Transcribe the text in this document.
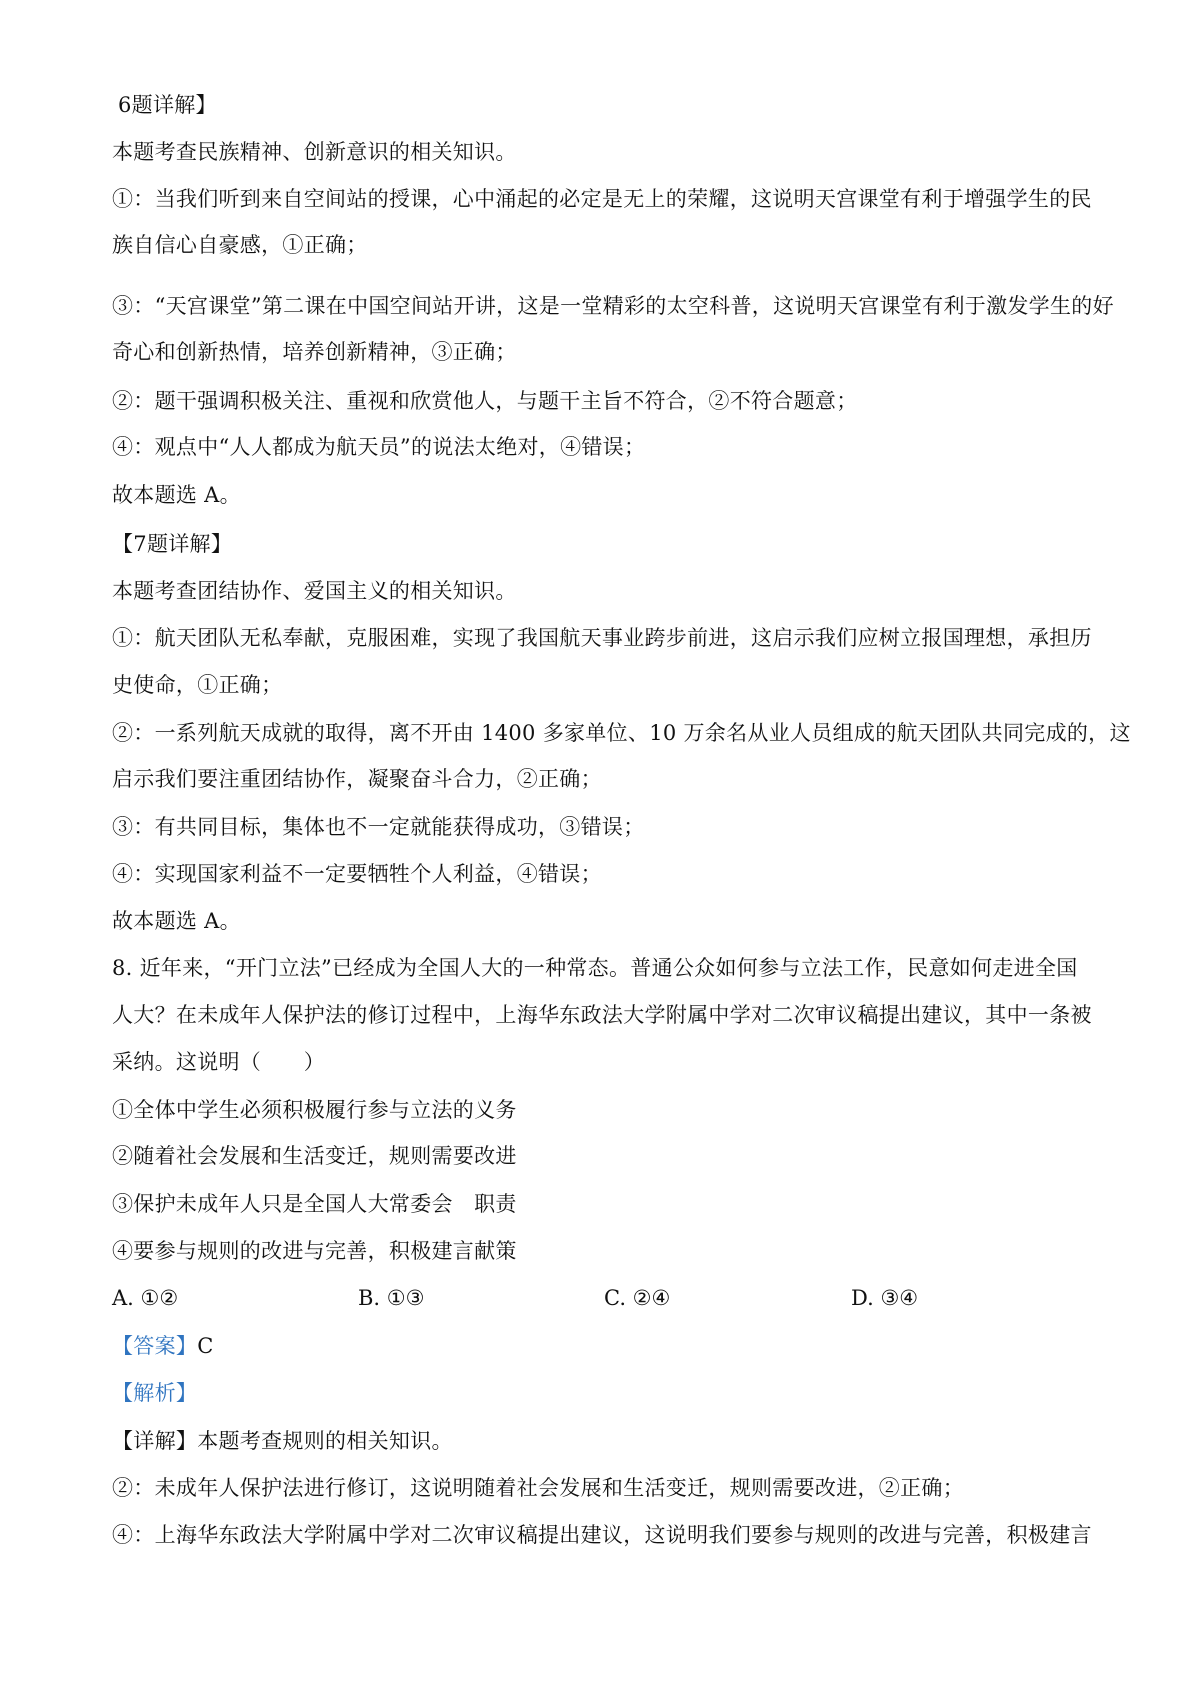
6题详解】
本题考查民族精神、创新意识的相关知识。
①：当我们听到来自空间站的授课，心中涌起的必定是无上的荣耀，这说明天宫课堂有利于增强学生的民
族自信心自豪感，①正确；
③：“天宫课堂”第二课在中国空间站开讲，这是一堂精彩的太空科普，这说明天宫课堂有利于激发学生的好
奇心和创新热情，培养创新精神，③正确；
②：题干强调积极关注、重视和欣赏他人，与题干主旨不符合，②不符合题意；
④：观点中“人人都成为航天员”的说法太绝对，④错误；
故本题选 A。
【7题详解】
本题考查团结协作、爱国主义的相关知识。
①：航天团队无私奉献，克服困难，实现了我国航天事业跨步前进，这启示我们应树立报国理想，承担历
史使命，①正确；
②：一系列航天成就的取得，离不开由 1400 多家单位、10 万余名从业人员组成的航天团队共同完成的，这
启示我们要注重团结协作，凝聚奋斗合力，②正确；
③：有共同目标，集体也不一定就能获得成功，③错误；
④：实现国家利益不一定要牺牲个人利益，④错误；
故本题选 A。
8. 近年来，“开门立法”已经成为全国人大的一种常态。普通公众如何参与立法工作，民意如何走进全国
人大？在未成年人保护法的修订过程中，上海华东政法大学附属中学对二次审议稿提出建议，其中一条被
采纳。这说明（　　）
①全体中学生必须积极履行参与立法的义务
②随着社会发展和生活变迁，规则需要改进
③保护未成年人只是全国人大常委会　职责
④要参与规则的改进与完善，积极建言献策
A. ①②	B. ①③	C. ②④	D. ③④
【答案】C
【解析】
【详解】本题考查规则的相关知识。
②：未成年人保护法进行修订，这说明随着社会发展和生活变迁，规则需要改进，②正确；
④：上海华东政法大学附属中学对二次审议稿提出建议，这说明我们要参与规则的改进与完善，积极建言
